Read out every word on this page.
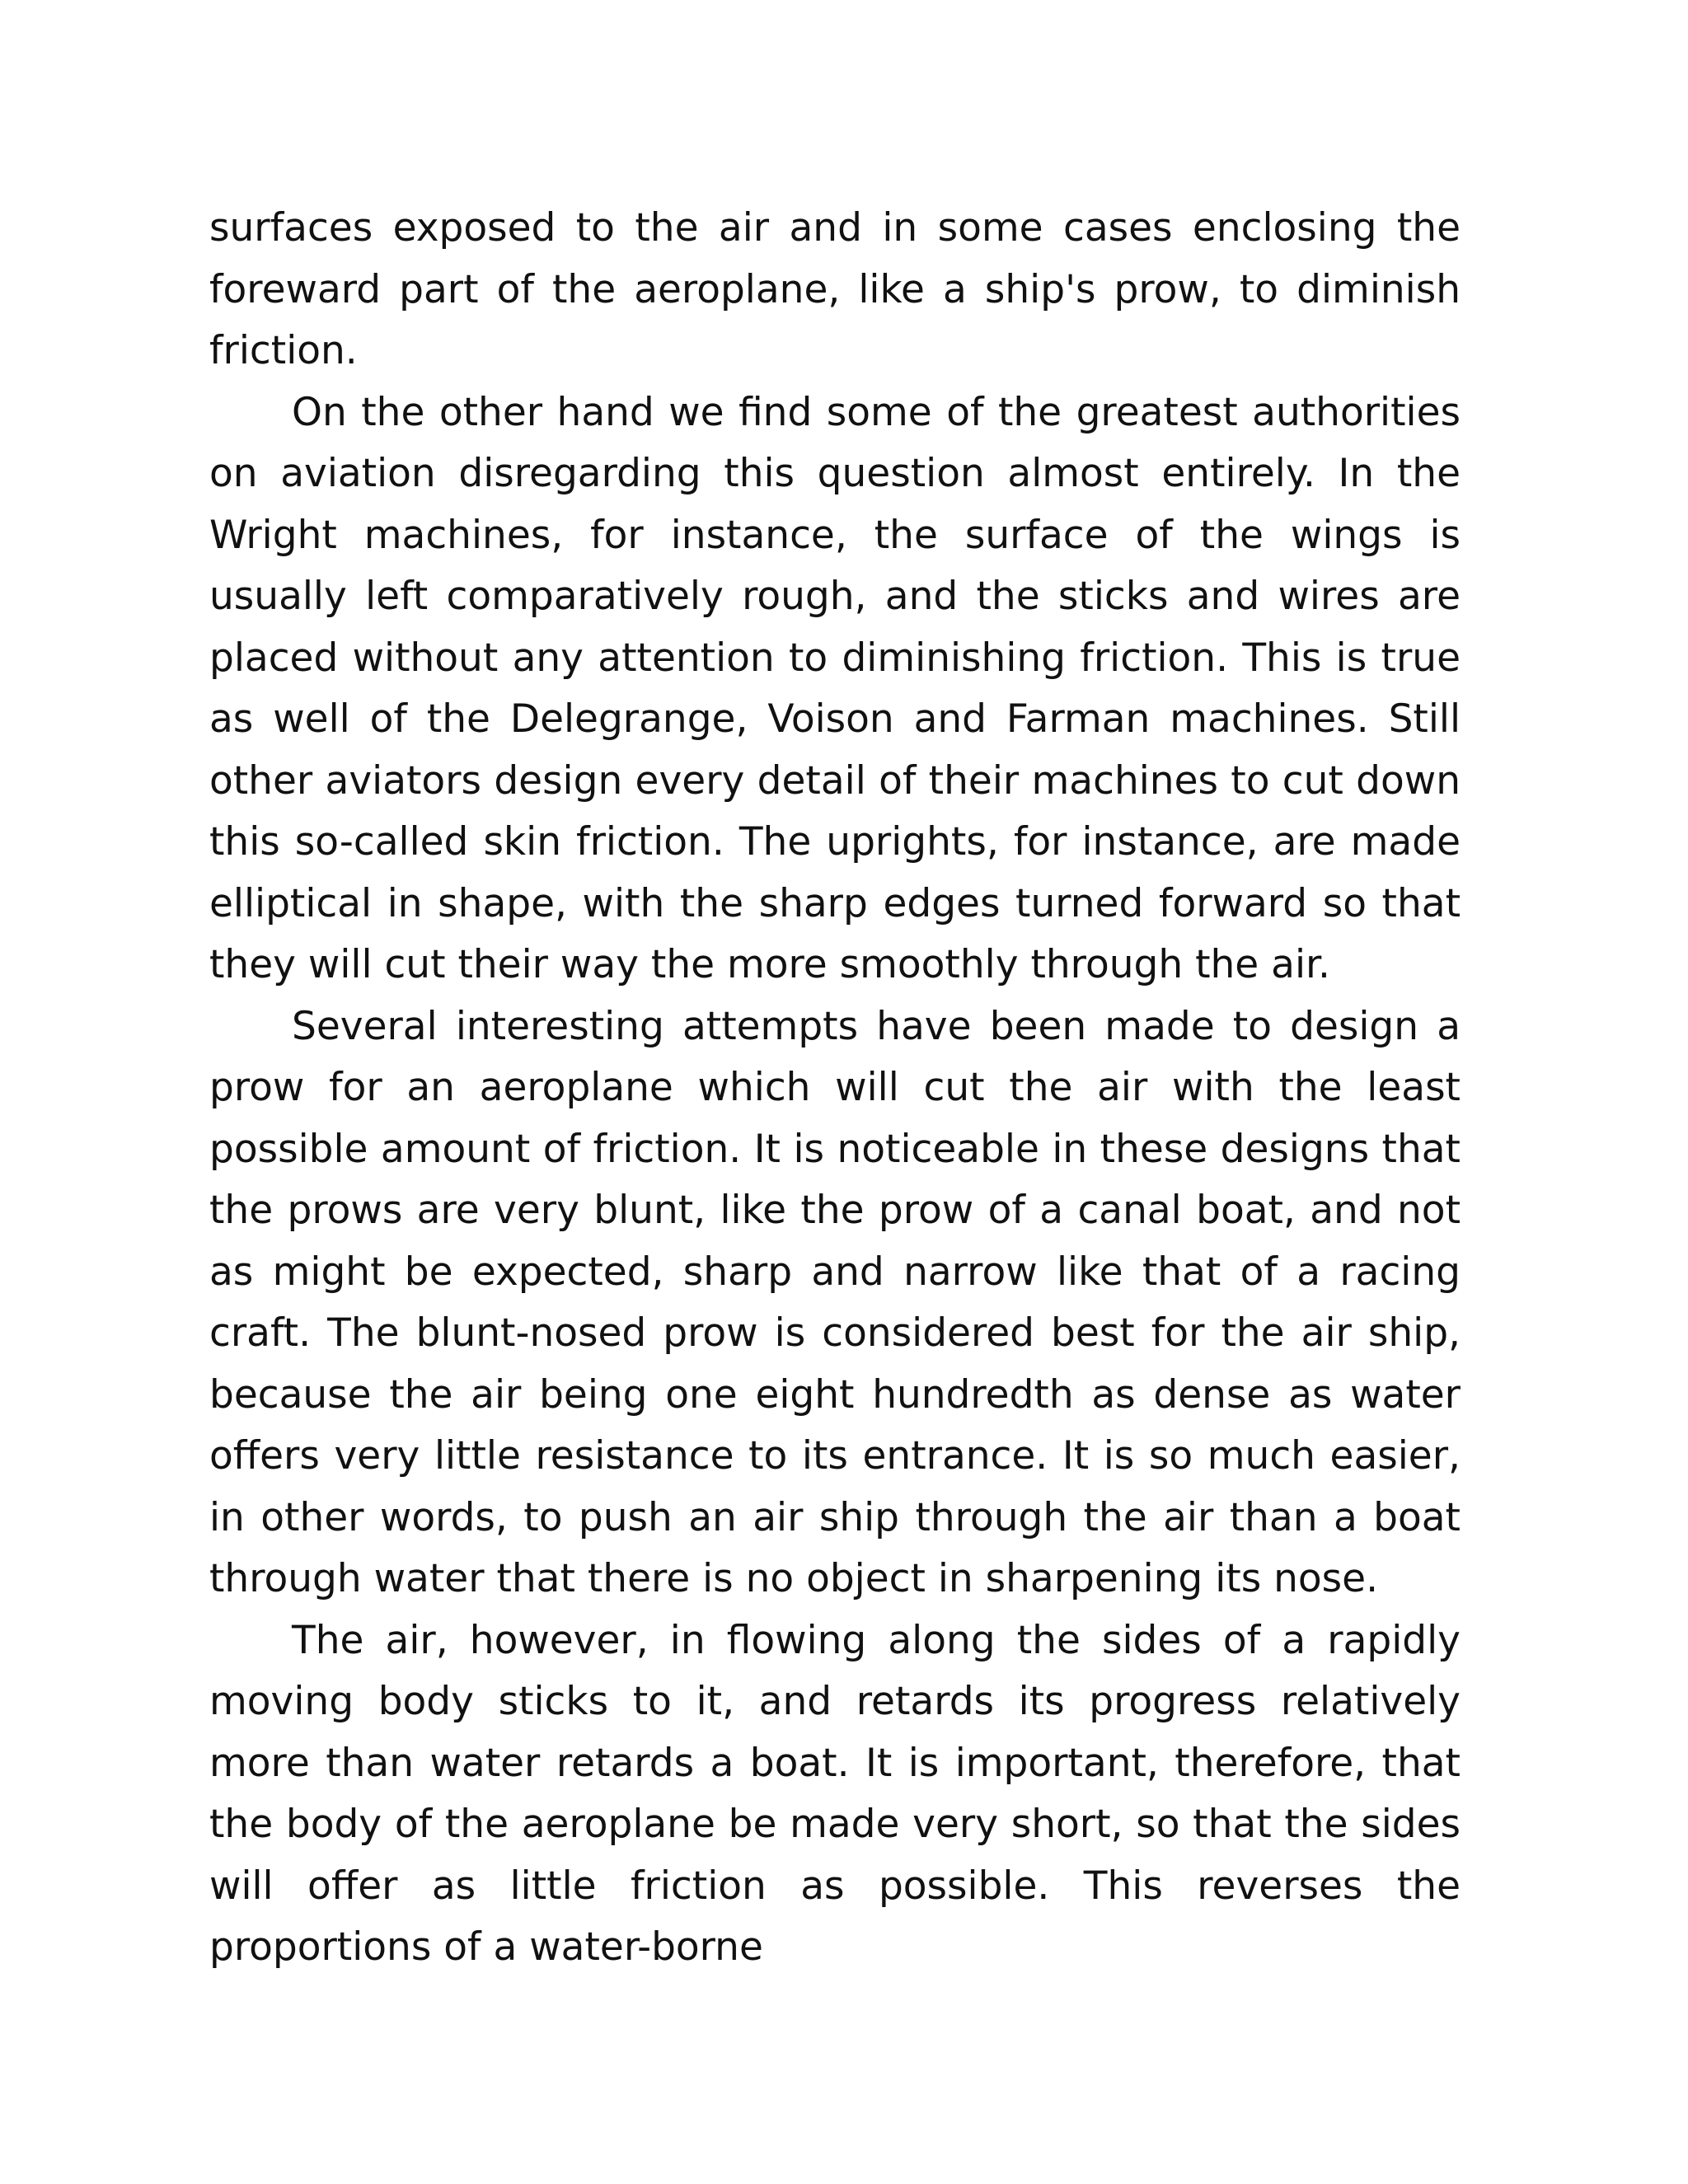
surfaces exposed to the air and in some cases enclosing the foreward part of the aeroplane, like a ship's prow, to diminish friction.

On the other hand we find some of the greatest authorities on aviation disregarding this question almost entirely. In the Wright machines, for instance, the surface of the wings is usually left comparatively rough, and the sticks and wires are placed without any attention to diminishing friction. This is true as well of the Delegrange, Voison and Farman machines. Still other aviators design every detail of their machines to cut down this so-called skin friction. The uprights, for instance, are made elliptical in shape, with the sharp edges turned forward so that they will cut their way the more smoothly through the air.

Several interesting attempts have been made to design a prow for an aeroplane which will cut the air with the least possible amount of friction. It is noticeable in these designs that the prows are very blunt, like the prow of a canal boat, and not as might be expected, sharp and narrow like that of a racing craft. The blunt-nosed prow is considered best for the air ship, because the air being one eight hundredth as dense as water offers very little resistance to its entrance. It is so much easier, in other words, to push an air ship through the air than a boat through water that there is no object in sharpening its nose.

The air, however, in flowing along the sides of a rapidly moving body sticks to it, and retards its progress relatively more than water retards a boat. It is important, therefore, that the body of the aeroplane be made very short, so that the sides will offer as little friction as possible. This reverses the proportions of a water-borne
